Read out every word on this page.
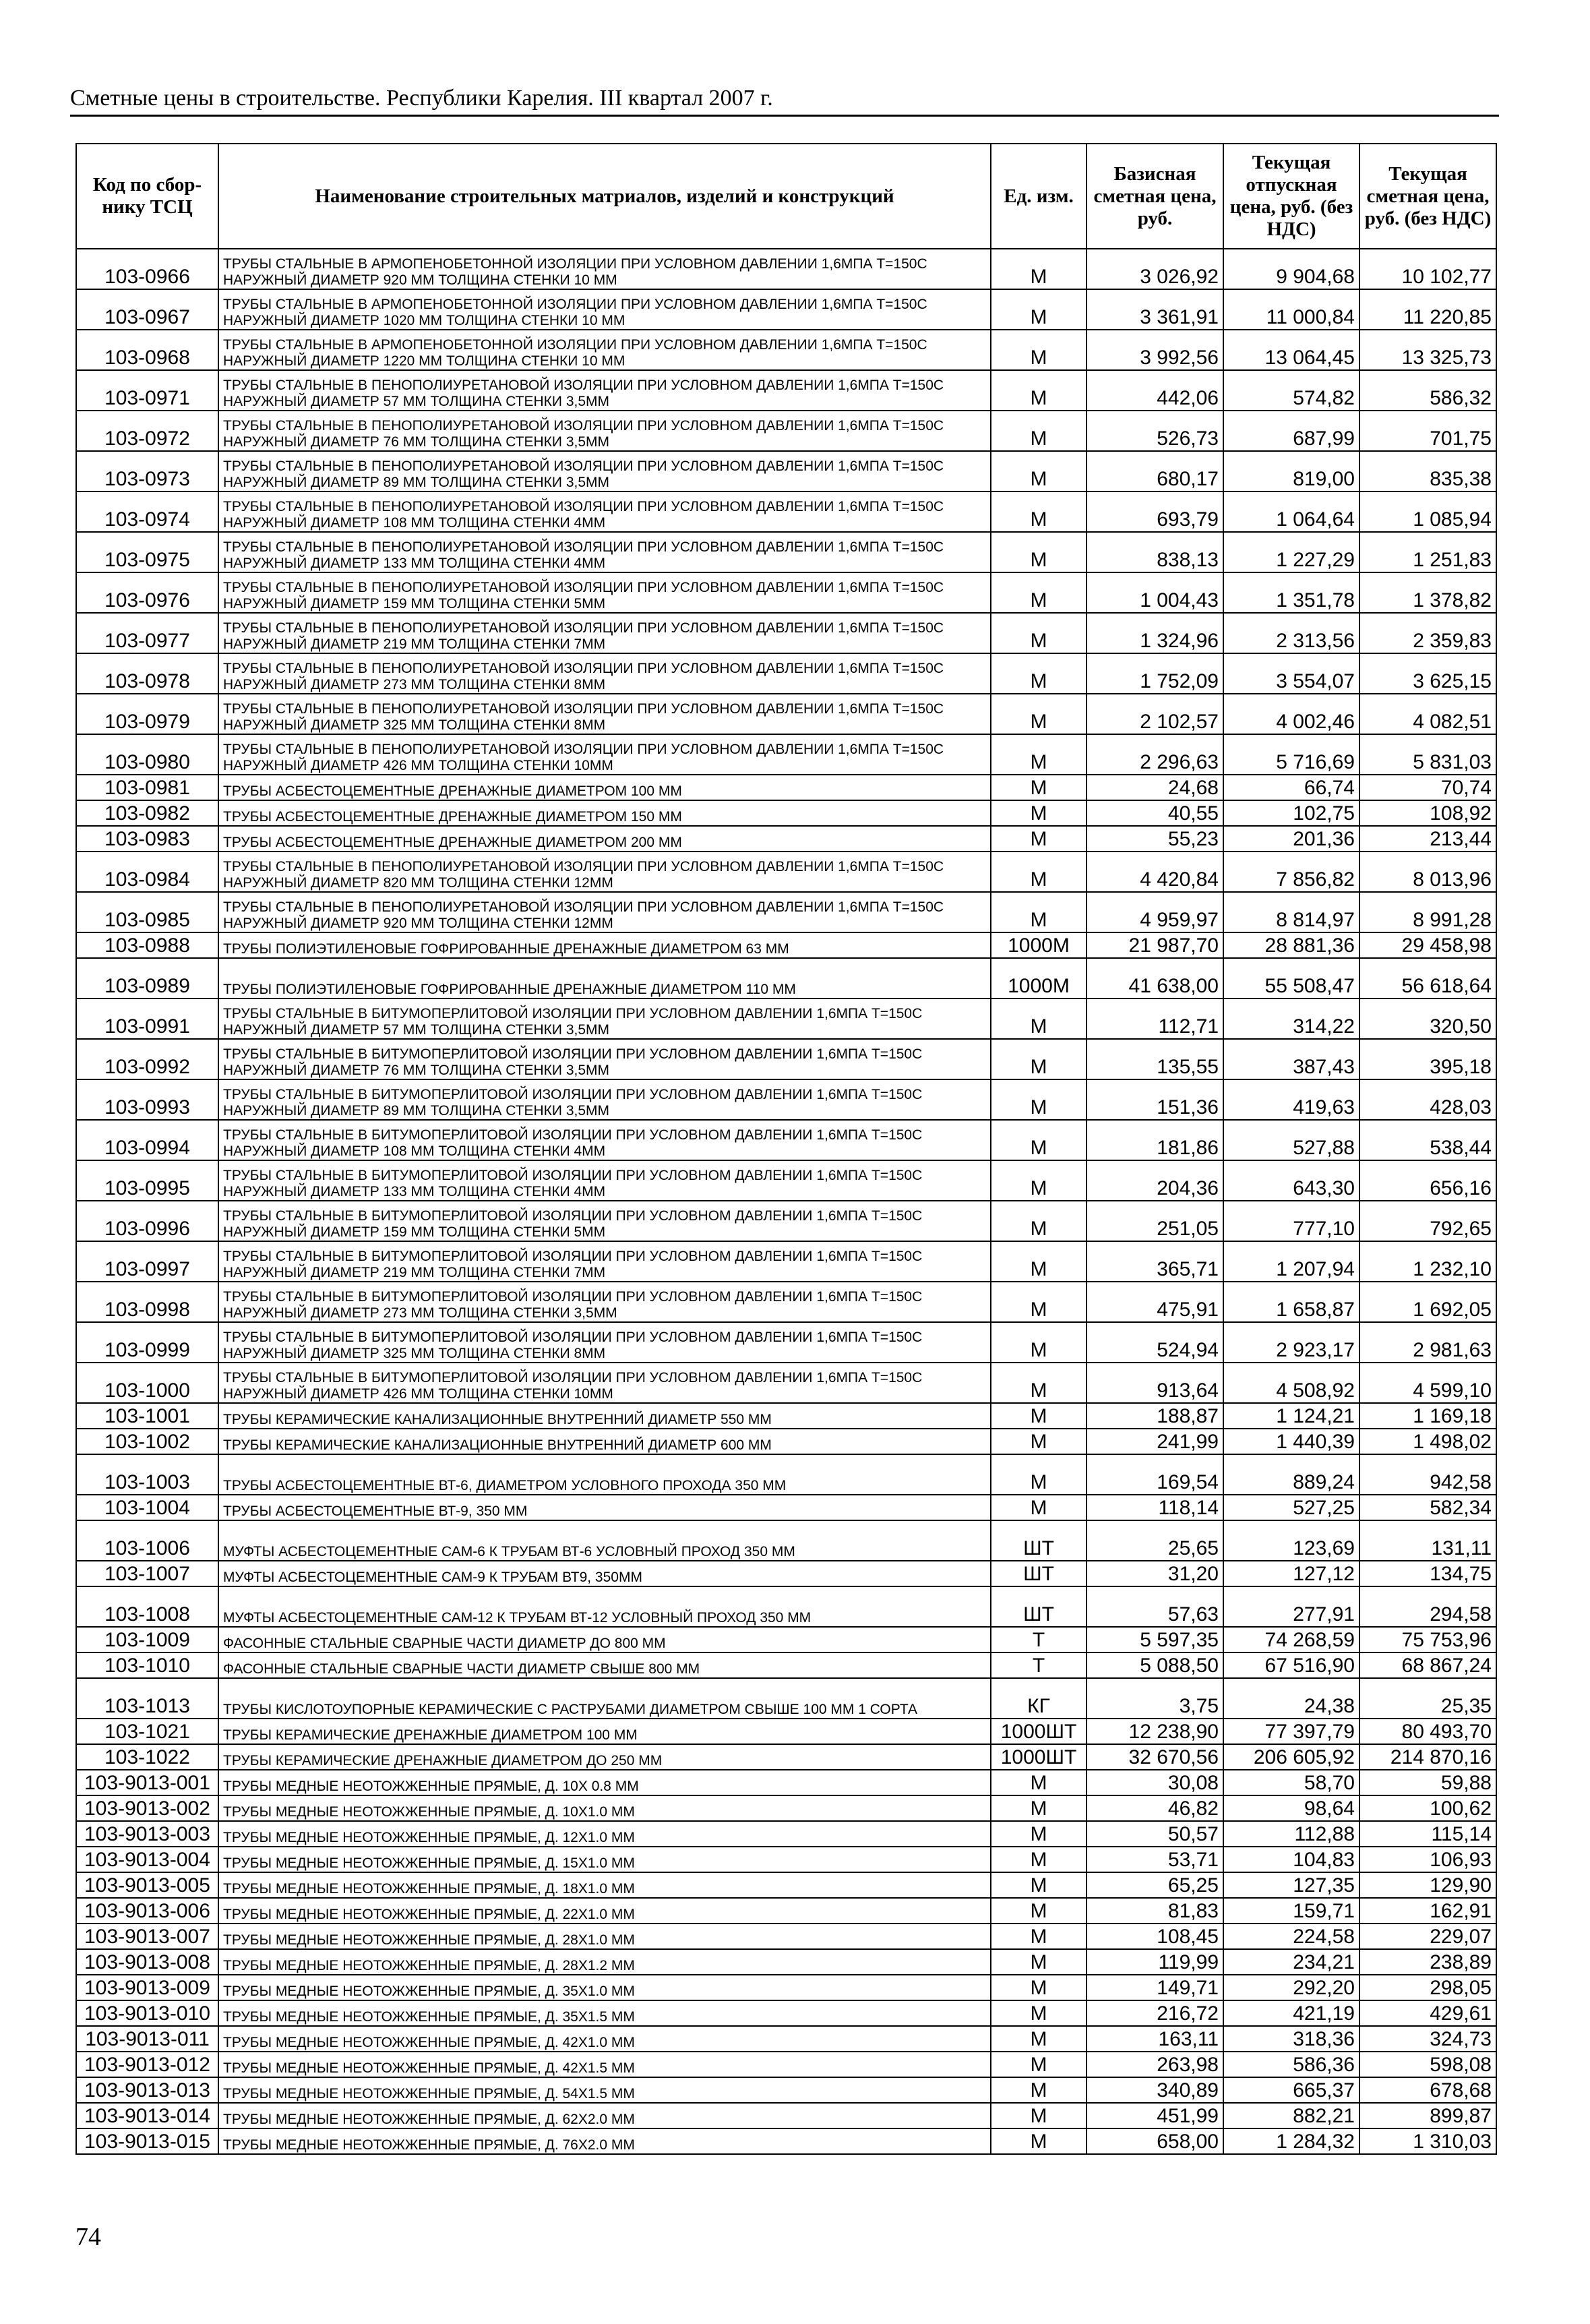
Сметные цены в строительстве. Республики Карелия. III квартал 2007 г.
Код по сбор-нику ТСЦ	Наименование строительных матриалов, изделий и конструкций	Ед. изм.	Базисная сметная цена, руб.	Текущая отпускная цена, руб. (без НДС)	Текущая сметная цена, руб. (без НДС)
103-0966	ТРУБЫ СТАЛЬНЫЕ В АРМОПЕНОБЕТОННОЙ ИЗОЛЯЦИИ ПРИ УСЛОВНОМ ДАВЛЕНИИ 1,6МПА Т=150С НАРУЖНЫЙ ДИАМЕТР 920 ММ ТОЛЩИНА СТЕНКИ 10 ММ	М	3 026,92	9 904,68	10 102,77
103-0967	ТРУБЫ СТАЛЬНЫЕ В АРМОПЕНОБЕТОННОЙ ИЗОЛЯЦИИ ПРИ УСЛОВНОМ ДАВЛЕНИИ 1,6МПА Т=150С НАРУЖНЫЙ ДИАМЕТР 1020 ММ ТОЛЩИНА СТЕНКИ 10 ММ	М	3 361,91	11 000,84	11 220,85
103-0968	ТРУБЫ СТАЛЬНЫЕ В АРМОПЕНОБЕТОННОЙ ИЗОЛЯЦИИ ПРИ УСЛОВНОМ ДАВЛЕНИИ 1,6МПА Т=150С НАРУЖНЫЙ ДИАМЕТР 1220 ММ ТОЛЩИНА СТЕНКИ 10 ММ	М	3 992,56	13 064,45	13 325,73
103-0971	ТРУБЫ СТАЛЬНЫЕ В ПЕНОПОЛИУРЕТАНОВОЙ ИЗОЛЯЦИИ ПРИ УСЛОВНОМ ДАВЛЕНИИ 1,6МПА Т=150С НАРУЖНЫЙ ДИАМЕТР 57 ММ ТОЛЩИНА СТЕНКИ 3,5ММ	М	442,06	574,82	586,32
103-0972	ТРУБЫ СТАЛЬНЫЕ В ПЕНОПОЛИУРЕТАНОВОЙ ИЗОЛЯЦИИ ПРИ УСЛОВНОМ ДАВЛЕНИИ 1,6МПА Т=150С НАРУЖНЫЙ ДИАМЕТР 76 ММ ТОЛЩИНА СТЕНКИ 3,5ММ	М	526,73	687,99	701,75
103-0973	ТРУБЫ СТАЛЬНЫЕ В ПЕНОПОЛИУРЕТАНОВОЙ ИЗОЛЯЦИИ ПРИ УСЛОВНОМ ДАВЛЕНИИ 1,6МПА Т=150С НАРУЖНЫЙ ДИАМЕТР 89 ММ ТОЛЩИНА СТЕНКИ 3,5ММ	М	680,17	819,00	835,38
103-0974	ТРУБЫ СТАЛЬНЫЕ В ПЕНОПОЛИУРЕТАНОВОЙ ИЗОЛЯЦИИ ПРИ УСЛОВНОМ ДАВЛЕНИИ 1,6МПА Т=150С НАРУЖНЫЙ ДИАМЕТР 108 ММ ТОЛЩИНА СТЕНКИ 4ММ	М	693,79	1 064,64	1 085,94
103-0975	ТРУБЫ СТАЛЬНЫЕ В ПЕНОПОЛИУРЕТАНОВОЙ ИЗОЛЯЦИИ ПРИ УСЛОВНОМ ДАВЛЕНИИ 1,6МПА Т=150С НАРУЖНЫЙ ДИАМЕТР 133 ММ ТОЛЩИНА СТЕНКИ 4ММ	М	838,13	1 227,29	1 251,83
103-0976	ТРУБЫ СТАЛЬНЫЕ В ПЕНОПОЛИУРЕТАНОВОЙ ИЗОЛЯЦИИ ПРИ УСЛОВНОМ ДАВЛЕНИИ 1,6МПА Т=150С НАРУЖНЫЙ ДИАМЕТР 159 ММ ТОЛЩИНА СТЕНКИ 5ММ	М	1 004,43	1 351,78	1 378,82
103-0977	ТРУБЫ СТАЛЬНЫЕ В ПЕНОПОЛИУРЕТАНОВОЙ ИЗОЛЯЦИИ ПРИ УСЛОВНОМ ДАВЛЕНИИ 1,6МПА Т=150С НАРУЖНЫЙ ДИАМЕТР 219 ММ ТОЛЩИНА СТЕНКИ 7ММ	М	1 324,96	2 313,56	2 359,83
103-0978	ТРУБЫ СТАЛЬНЫЕ В ПЕНОПОЛИУРЕТАНОВОЙ ИЗОЛЯЦИИ ПРИ УСЛОВНОМ ДАВЛЕНИИ 1,6МПА Т=150С НАРУЖНЫЙ ДИАМЕТР 273 ММ ТОЛЩИНА СТЕНКИ 8ММ	М	1 752,09	3 554,07	3 625,15
103-0979	ТРУБЫ СТАЛЬНЫЕ В ПЕНОПОЛИУРЕТАНОВОЙ ИЗОЛЯЦИИ ПРИ УСЛОВНОМ ДАВЛЕНИИ 1,6МПА Т=150С НАРУЖНЫЙ ДИАМЕТР 325 ММ ТОЛЩИНА СТЕНКИ 8ММ	М	2 102,57	4 002,46	4 082,51
103-0980	ТРУБЫ СТАЛЬНЫЕ В ПЕНОПОЛИУРЕТАНОВОЙ ИЗОЛЯЦИИ ПРИ УСЛОВНОМ ДАВЛЕНИИ 1,6МПА Т=150С НАРУЖНЫЙ ДИАМЕТР 426 ММ ТОЛЩИНА СТЕНКИ 10ММ	М	2 296,63	5 716,69	5 831,03
103-0981	ТРУБЫ АСБЕСТОЦЕМЕНТНЫЕ ДРЕНАЖНЫЕ ДИАМЕТРОМ 100 ММ	М	24,68	66,74	70,74
103-0982	ТРУБЫ АСБЕСТОЦЕМЕНТНЫЕ ДРЕНАЖНЫЕ ДИАМЕТРОМ 150 ММ	М	40,55	102,75	108,92
103-0983	ТРУБЫ АСБЕСТОЦЕМЕНТНЫЕ ДРЕНАЖНЫЕ ДИАМЕТРОМ 200 ММ	М	55,23	201,36	213,44
103-0984	ТРУБЫ СТАЛЬНЫЕ В ПЕНОПОЛИУРЕТАНОВОЙ ИЗОЛЯЦИИ ПРИ УСЛОВНОМ ДАВЛЕНИИ 1,6МПА Т=150С НАРУЖНЫЙ ДИАМЕТР 820 ММ ТОЛЩИНА СТЕНКИ 12ММ	М	4 420,84	7 856,82	8 013,96
103-0985	ТРУБЫ СТАЛЬНЫЕ В ПЕНОПОЛИУРЕТАНОВОЙ ИЗОЛЯЦИИ ПРИ УСЛОВНОМ ДАВЛЕНИИ 1,6МПА Т=150С НАРУЖНЫЙ ДИАМЕТР 920 ММ ТОЛЩИНА СТЕНКИ 12ММ	М	4 959,97	8 814,97	8 991,28
103-0988	ТРУБЫ ПОЛИЭТИЛЕНОВЫЕ ГОФРИРОВАННЫЕ ДРЕНАЖНЫЕ ДИАМЕТРОМ 63 ММ	1000М	21 987,70	28 881,36	29 458,98
103-0989	ТРУБЫ ПОЛИЭТИЛЕНОВЫЕ ГОФРИРОВАННЫЕ ДРЕНАЖНЫЕ ДИАМЕТРОМ 110 ММ	1000М	41 638,00	55 508,47	56 618,64
103-0991	ТРУБЫ СТАЛЬНЫЕ В БИТУМОПЕРЛИТОВОЙ ИЗОЛЯЦИИ ПРИ УСЛОВНОМ ДАВЛЕНИИ 1,6МПА Т=150С НАРУЖНЫЙ ДИАМЕТР 57 ММ ТОЛЩИНА СТЕНКИ 3,5ММ	М	112,71	314,22	320,50
103-0992	ТРУБЫ СТАЛЬНЫЕ В БИТУМОПЕРЛИТОВОЙ ИЗОЛЯЦИИ ПРИ УСЛОВНОМ ДАВЛЕНИИ 1,6МПА Т=150С НАРУЖНЫЙ ДИАМЕТР 76 ММ ТОЛЩИНА СТЕНКИ 3,5ММ	М	135,55	387,43	395,18
103-0993	ТРУБЫ СТАЛЬНЫЕ В БИТУМОПЕРЛИТОВОЙ ИЗОЛЯЦИИ ПРИ УСЛОВНОМ ДАВЛЕНИИ 1,6МПА Т=150С НАРУЖНЫЙ ДИАМЕТР 89 ММ ТОЛЩИНА СТЕНКИ 3,5ММ	М	151,36	419,63	428,03
103-0994	ТРУБЫ СТАЛЬНЫЕ В БИТУМОПЕРЛИТОВОЙ ИЗОЛЯЦИИ ПРИ УСЛОВНОМ ДАВЛЕНИИ 1,6МПА Т=150С НАРУЖНЫЙ ДИАМЕТР 108 ММ ТОЛЩИНА СТЕНКИ 4ММ	М	181,86	527,88	538,44
103-0995	ТРУБЫ СТАЛЬНЫЕ В БИТУМОПЕРЛИТОВОЙ ИЗОЛЯЦИИ ПРИ УСЛОВНОМ ДАВЛЕНИИ 1,6МПА Т=150С НАРУЖНЫЙ ДИАМЕТР 133 ММ ТОЛЩИНА СТЕНКИ 4ММ	М	204,36	643,30	656,16
103-0996	ТРУБЫ СТАЛЬНЫЕ В БИТУМОПЕРЛИТОВОЙ ИЗОЛЯЦИИ ПРИ УСЛОВНОМ ДАВЛЕНИИ 1,6МПА Т=150С НАРУЖНЫЙ ДИАМЕТР 159 ММ ТОЛЩИНА СТЕНКИ 5ММ	М	251,05	777,10	792,65
103-0997	ТРУБЫ СТАЛЬНЫЕ В БИТУМОПЕРЛИТОВОЙ ИЗОЛЯЦИИ ПРИ УСЛОВНОМ ДАВЛЕНИИ 1,6МПА Т=150С НАРУЖНЫЙ ДИАМЕТР 219 ММ ТОЛЩИНА СТЕНКИ 7ММ	М	365,71	1 207,94	1 232,10
103-0998	ТРУБЫ СТАЛЬНЫЕ В БИТУМОПЕРЛИТОВОЙ ИЗОЛЯЦИИ ПРИ УСЛОВНОМ ДАВЛЕНИИ 1,6МПА Т=150С НАРУЖНЫЙ ДИАМЕТР 273 ММ ТОЛЩИНА СТЕНКИ 3,5ММ	М	475,91	1 658,87	1 692,05
103-0999	ТРУБЫ СТАЛЬНЫЕ В БИТУМОПЕРЛИТОВОЙ ИЗОЛЯЦИИ ПРИ УСЛОВНОМ ДАВЛЕНИИ 1,6МПА Т=150С НАРУЖНЫЙ ДИАМЕТР 325 ММ ТОЛЩИНА СТЕНКИ 8ММ	М	524,94	2 923,17	2 981,63
103-1000	ТРУБЫ СТАЛЬНЫЕ В БИТУМОПЕРЛИТОВОЙ ИЗОЛЯЦИИ ПРИ УСЛОВНОМ ДАВЛЕНИИ 1,6МПА Т=150С НАРУЖНЫЙ ДИАМЕТР 426 ММ ТОЛЩИНА СТЕНКИ 10ММ	М	913,64	4 508,92	4 599,10
103-1001	ТРУБЫ КЕРАМИЧЕСКИЕ КАНАЛИЗАЦИОННЫЕ ВНУТРЕННИЙ ДИАМЕТР 550 ММ	М	188,87	1 124,21	1 169,18
103-1002	ТРУБЫ КЕРАМИЧЕСКИЕ КАНАЛИЗАЦИОННЫЕ ВНУТРЕННИЙ ДИАМЕТР 600 ММ	М	241,99	1 440,39	1 498,02
103-1003	ТРУБЫ АСБЕСТОЦЕМЕНТНЫЕ ВТ-6, ДИАМЕТРОМ УСЛОВНОГО ПРОХОДА 350 ММ	М	169,54	889,24	942,58
103-1004	ТРУБЫ АСБЕСТОЦЕМЕНТНЫЕ ВТ-9, 350 ММ	М	118,14	527,25	582,34
103-1006	МУФТЫ АСБЕСТОЦЕМЕНТНЫЕ САМ-6 К ТРУБАМ ВТ-6 УСЛОВНЫЙ ПРОХОД 350 ММ	ШТ	25,65	123,69	131,11
103-1007	МУФТЫ АСБЕСТОЦЕМЕНТНЫЕ САМ-9 К ТРУБАМ ВТ9, 350ММ	ШТ	31,20	127,12	134,75
103-1008	МУФТЫ АСБЕСТОЦЕМЕНТНЫЕ САМ-12 К ТРУБАМ ВТ-12 УСЛОВНЫЙ ПРОХОД 350 ММ	ШТ	57,63	277,91	294,58
103-1009	ФАСОННЫЕ СТАЛЬНЫЕ СВАРНЫЕ ЧАСТИ ДИАМЕТР ДО 800 ММ	Т	5 597,35	74 268,59	75 753,96
103-1010	ФАСОННЫЕ СТАЛЬНЫЕ СВАРНЫЕ ЧАСТИ ДИАМЕТР СВЫШЕ 800 ММ	Т	5 088,50	67 516,90	68 867,24
103-1013	ТРУБЫ КИСЛОТОУПОРНЫЕ КЕРАМИЧЕСКИЕ С РАСТРУБАМИ ДИАМЕТРОМ СВЫШЕ 100 ММ 1 СОРТА	КГ	3,75	24,38	25,35
103-1021	ТРУБЫ КЕРАМИЧЕСКИЕ ДРЕНАЖНЫЕ ДИАМЕТРОМ 100 ММ	1000ШТ	12 238,90	77 397,79	80 493,70
103-1022	ТРУБЫ КЕРАМИЧЕСКИЕ ДРЕНАЖНЫЕ ДИАМЕТРОМ ДО 250 ММ	1000ШТ	32 670,56	206 605,92	214 870,16
103-9013-001	ТРУБЫ МЕДНЫЕ НЕОТОЖЖЕННЫЕ ПРЯМЫЕ, Д. 10Х 0.8 ММ	М	30,08	58,70	59,88
103-9013-002	ТРУБЫ МЕДНЫЕ НЕОТОЖЖЕННЫЕ ПРЯМЫЕ, Д. 10Х1.0 ММ	М	46,82	98,64	100,62
103-9013-003	ТРУБЫ МЕДНЫЕ НЕОТОЖЖЕННЫЕ ПРЯМЫЕ, Д. 12Х1.0 ММ	М	50,57	112,88	115,14
103-9013-004	ТРУБЫ МЕДНЫЕ НЕОТОЖЖЕННЫЕ ПРЯМЫЕ, Д. 15Х1.0 ММ	М	53,71	104,83	106,93
103-9013-005	ТРУБЫ МЕДНЫЕ НЕОТОЖЖЕННЫЕ ПРЯМЫЕ, Д. 18Х1.0 ММ	М	65,25	127,35	129,90
103-9013-006	ТРУБЫ МЕДНЫЕ НЕОТОЖЖЕННЫЕ ПРЯМЫЕ, Д. 22Х1.0 ММ	М	81,83	159,71	162,91
103-9013-007	ТРУБЫ МЕДНЫЕ НЕОТОЖЖЕННЫЕ ПРЯМЫЕ, Д. 28Х1.0 ММ	М	108,45	224,58	229,07
103-9013-008	ТРУБЫ МЕДНЫЕ НЕОТОЖЖЕННЫЕ ПРЯМЫЕ, Д. 28Х1.2 ММ	М	119,99	234,21	238,89
103-9013-009	ТРУБЫ МЕДНЫЕ НЕОТОЖЖЕННЫЕ ПРЯМЫЕ, Д. 35Х1.0 ММ	М	149,71	292,20	298,05
103-9013-010	ТРУБЫ МЕДНЫЕ НЕОТОЖЖЕННЫЕ ПРЯМЫЕ, Д. 35Х1.5 ММ	М	216,72	421,19	429,61
103-9013-011	ТРУБЫ МЕДНЫЕ НЕОТОЖЖЕННЫЕ ПРЯМЫЕ, Д. 42Х1.0 ММ	М	163,11	318,36	324,73
103-9013-012	ТРУБЫ МЕДНЫЕ НЕОТОЖЖЕННЫЕ ПРЯМЫЕ, Д. 42Х1.5 ММ	М	263,98	586,36	598,08
103-9013-013	ТРУБЫ МЕДНЫЕ НЕОТОЖЖЕННЫЕ ПРЯМЫЕ, Д. 54Х1.5 ММ	М	340,89	665,37	678,68
103-9013-014	ТРУБЫ МЕДНЫЕ НЕОТОЖЖЕННЫЕ ПРЯМЫЕ, Д. 62Х2.0 ММ	М	451,99	882,21	899,87
103-9013-015	ТРУБЫ МЕДНЫЕ НЕОТОЖЖЕННЫЕ ПРЯМЫЕ, Д. 76Х2.0 ММ	М	658,00	1 284,32	1 310,03
74
